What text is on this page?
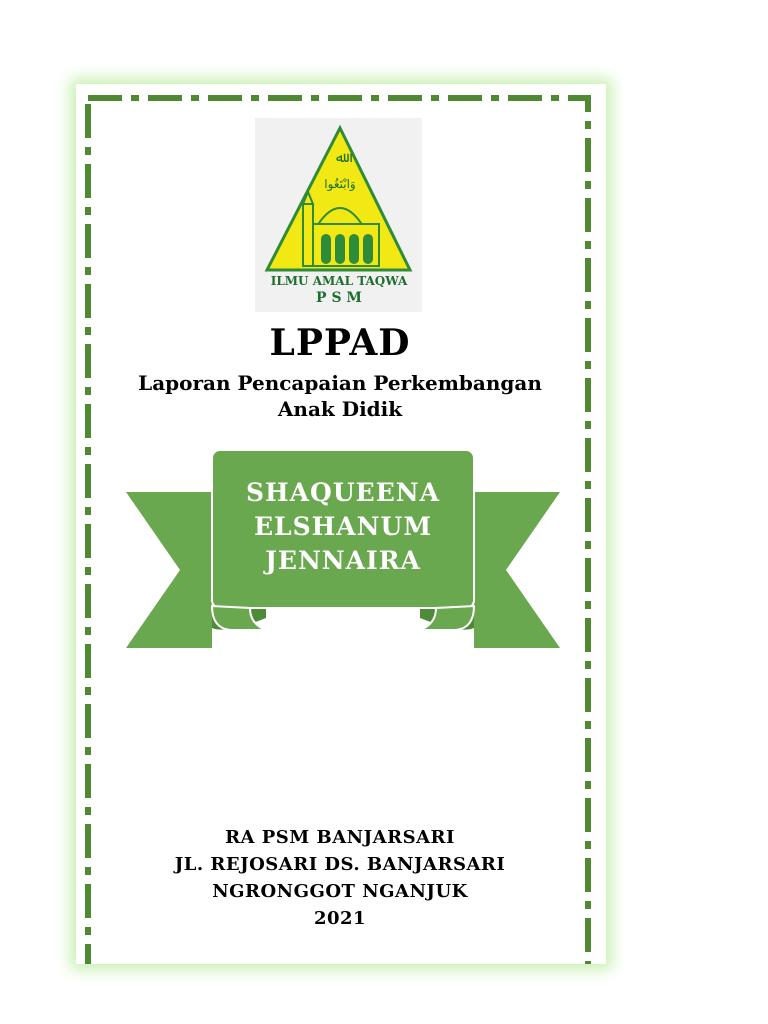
ﷲ
وَابْتَغُوا
ILMU AMAL TAQWA
P S M
LPPAD
Laporan Pencapaian Perkembangan
Anak Didik
SHAQUEENA
ELSHANUM
JENNAIRA
RA PSM BANJARSARI
JL. REJOSARI DS. BANJARSARI
NGRONGGOT NGANJUK
2021
